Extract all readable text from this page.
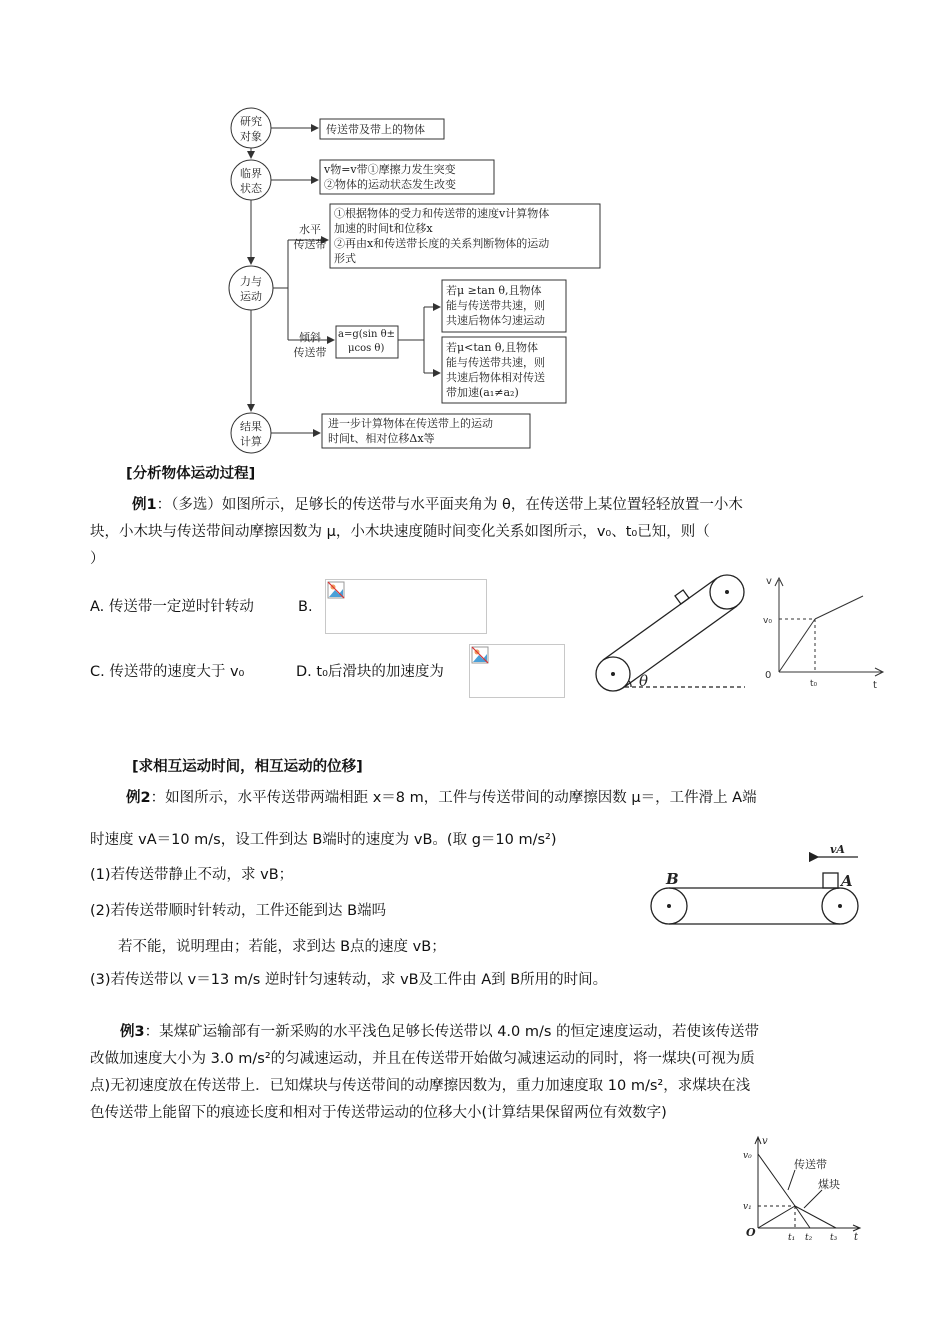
研究
对象
临界
状态
力与
运动
结果
计算
传送带及带上的物体
v物=v带①摩擦力发生突变
②物体的运动状态发生改变
水平
传送带
①根据物体的受力和传送带的速度v计算物体
加速的时间t和位移x
②再由x和传送带长度的关系判断物体的运动
形式
倾斜
传送带
a=g(sin θ±
μcos θ)
若μ ≥tan θ,且物体
能与传送带共速，则
共速后物体匀速运动
若μ<tan θ,且物体
能与传送带共速，则
共速后物体相对传送
带加速(a₁≠a₂)
进一步计算物体在传送带上的运动
时间t、相对位移Δx等
[分析物体运动过程]
例1：（多选）如图所示，足够长的传送带与水平面夹角为 θ，在传送带上某位置轻轻放置一小木
块，小木块与传送带间动摩擦因数为 μ，小木块速度随时间变化关系如图所示，v₀、t₀已知，则（
）
A. 传送带一定逆时针转动	B.
C. 传送带的速度大于 v₀	D. t₀后滑块的加速度为	θ
v
v₀
0
t₀	t
[求相互运动时间，相互运动的位移]
例2：如图所示，水平传送带两端相距 x＝8 m，工件与传送带间的动摩擦因数 μ＝，工件滑上 A端
时速度 vA＝10 m/s，设工件到达 B端时的速度为 vB。(取 g＝10 m/s²)
(1)若传送带静止不动，求 vB；
(2)若传送带顺时针转动，工件还能到达 B端吗
若不能，说明理由；若能，求到达 B点的速度 vB；
(3)若传送带以 v＝13 m/s 逆时针匀速转动，求 vB及工件由 A到 B所用的时间。
B	A
vA
例3：某煤矿运输部有一新采购的水平浅色足够长传送带以 4.0 m/s 的恒定速度运动，若使该传送带
改做加速度大小为 3.0 m/s²的匀减速运动，并且在传送带开始做匀减速运动的同时，将一煤块(可视为质
点)无初速度放在传送带上．已知煤块与传送带间的动摩擦因数为，重力加速度取 10 m/s²，求煤块在浅
色传送带上能留下的痕迹长度和相对于传送带运动的位移大小(计算结果保留两位有效数字)
v
v₀
v₁
O	t₁ t₂ t₃ t
传送带
煤块
